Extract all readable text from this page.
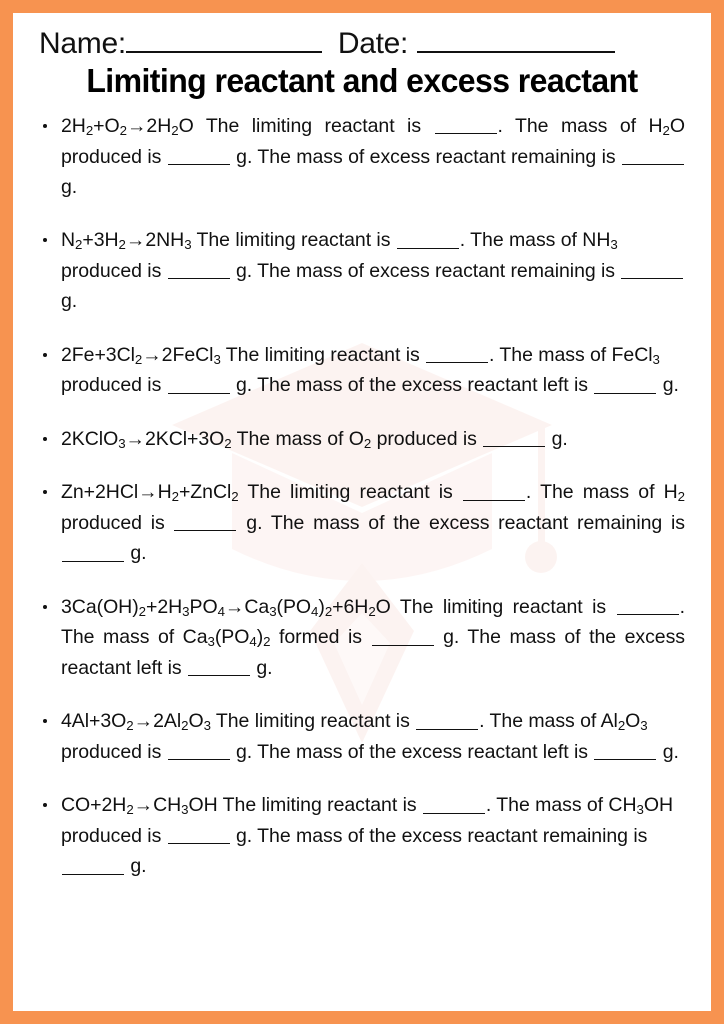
Name:	Date:
Limiting reactant and excess reactant
$2H_2+O_2\to 2H_2O$ The limiting reactant is	. The mass of $H_2O$ produced is	g. The mass of excess reactant remaining is  g.
$N_2+3H_2\to 2NH_3$ The limiting reactant is	. The mass of $NH_3$ produced is	g. The mass of excess reactant remaining is  g.
$2Fe+3Cl_2\to 2FeCl_3$ The limiting reactant is	. The mass of FeCl$_3$ produced is	g. The mass of the excess reactant left is	g.
$2KClO_3\to 2KCl+3O_2$ The mass of $O_2$ produced is	g.
$Zn+2HCl\to H_2+ZnCl_2$ The limiting reactant is	. The mass of $H_2$ produced is	g. The mass of the excess reactant remaining is  g.
$3Ca(OH)_2+2H_3PO_4\to Ca_3(PO_4)_2+6H_2O$ The limiting reactant is	. The mass of $Ca_3(PO_4)_2$ formed is	g. The mass of the excess reactant left is	g.
$4Al+3O_2\to 2Al_2O_3$ The limiting reactant is	. The mass of $Al_2O_3$ produced is	g. The mass of the excess reactant left is	g.
$CO+2H_2\to CH_3OH$ The limiting reactant is	. The mass of $CH_3OH$ produced is	g. The mass of the excess reactant remaining is  g.
